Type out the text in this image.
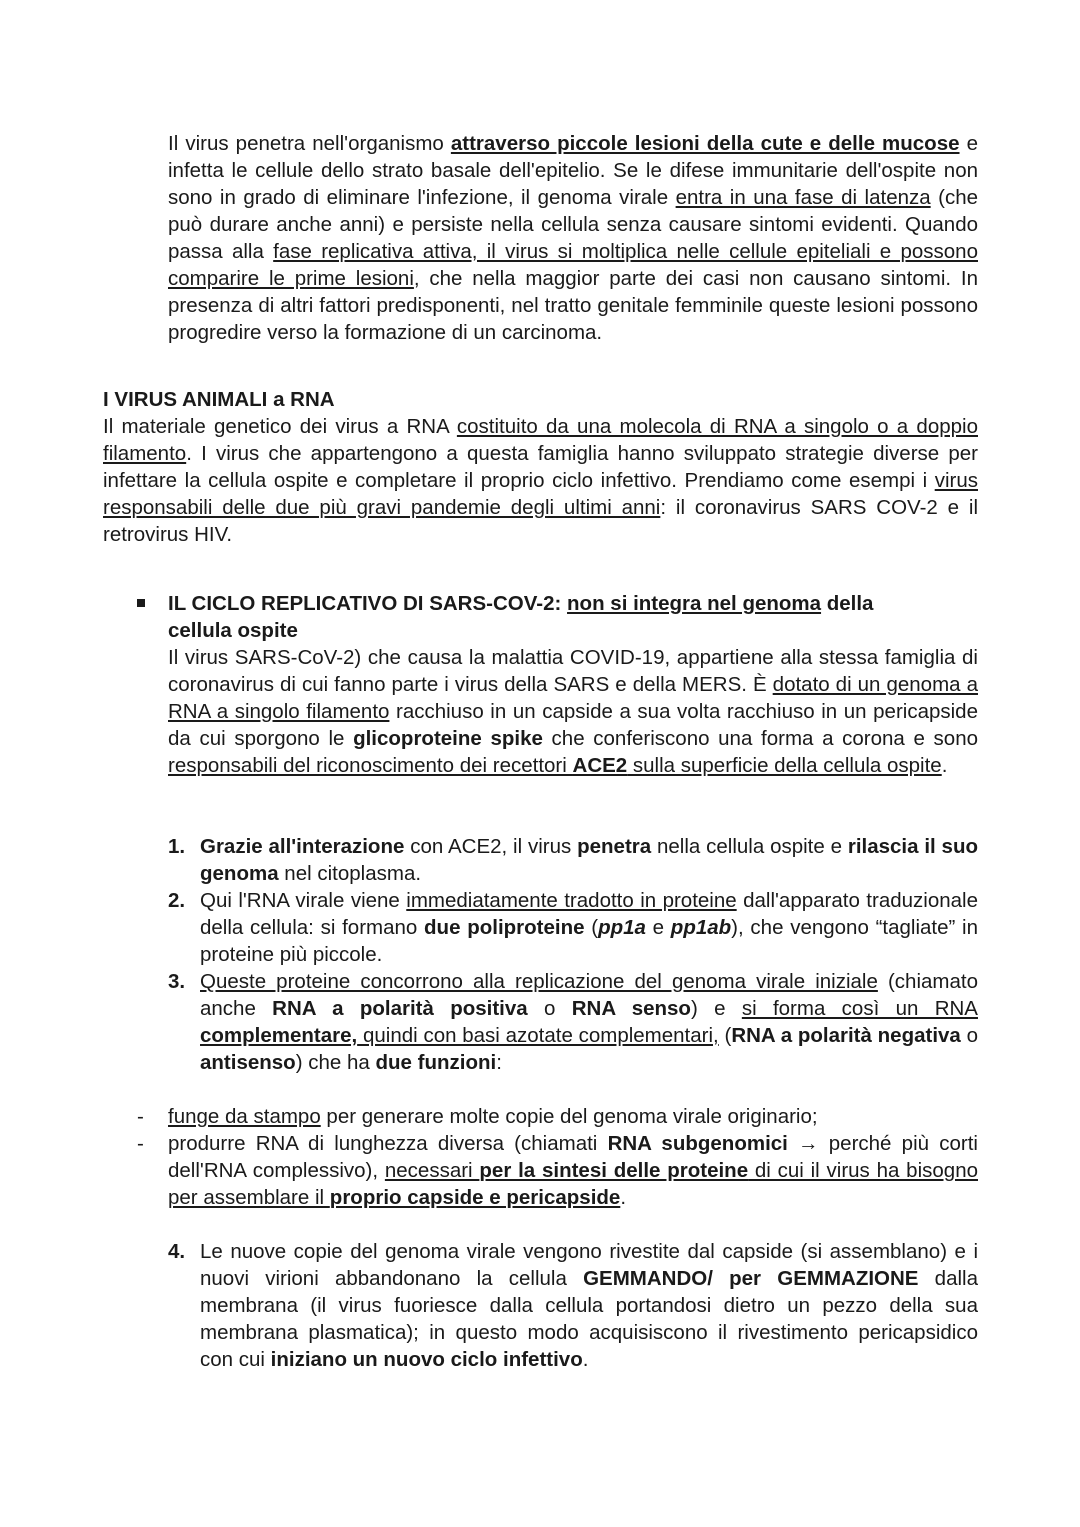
Il virus penetra nell'organismo attraverso piccole lesioni della cute e delle mucose e infetta le cellule dello strato basale dell'epitelio. Se le difese immunitarie dell'ospite non sono in grado di eliminare l'infezione, il genoma virale entra in una fase di latenza (che può durare anche anni) e persiste nella cellula senza causare sintomi evidenti. Quando passa alla fase replicativa attiva, il virus si moltiplica nelle cellule epiteliali e possono comparire le prime lesioni, che nella maggior parte dei casi non causano sintomi. In presenza di altri fattori predisponenti, nel tratto genitale femminile queste lesioni possono progredire verso la formazione di un carcinoma.

I VIRUS ANIMALI a RNA

Il materiale genetico dei virus a RNA costituito da una molecola di RNA a singolo o a doppio filamento. I virus che appartengono a questa famiglia hanno sviluppato strategie diverse per infettare la cellula ospite e completare il proprio ciclo infettivo. Prendiamo come esempi i virus responsabili delle due più gravi pandemie degli ultimi anni: il coronavirus SARS COV-2 e il retrovirus HIV.

IL CICLO REPLICATIVO DI SARS-COV-2: non si integra nel genoma della cellula ospite

Il virus SARS-CoV-2) che causa la malattia COVID-19, appartiene alla stessa famiglia di coronavirus di cui fanno parte i virus della SARS e della MERS. È dotato di un genoma a RNA a singolo filamento racchiuso in un capside a sua volta racchiuso in un pericapside da cui sporgono le glicoproteine spike che conferiscono una forma a corona e sono responsabili del riconoscimento dei recettori ACE2 sulla superficie della cellula ospite.

1. Grazie all'interazione con ACE2, il virus penetra nella cellula ospite e rilascia il suo genoma nel citoplasma.
2. Qui l'RNA virale viene immediatamente tradotto in proteine dall'apparato traduzionale della cellula: si formano due poliproteine (pp1a e pp1ab), che vengono “tagliate” in proteine più piccole.
3. Queste proteine concorrono alla replicazione del genoma virale iniziale (chiamato anche RNA a polarità positiva o RNA senso) e si forma così un RNA complementare, quindi con basi azotate complementari, (RNA a polarità negativa o antisenso) che ha due funzioni:
- funge da stampo per generare molte copie del genoma virale originario;
- produrre RNA di lunghezza diversa (chiamati RNA subgenomici → perché più corti dell'RNA complessivo), necessari per la sintesi delle proteine di cui il virus ha bisogno per assemblare il proprio capside e pericapside.
4. Le nuove copie del genoma virale vengono rivestite dal capside (si assemblano) e i nuovi virioni abbandonano la cellula GEMMANDO/ per GEMMAZIONE dalla membrana (il virus fuoriesce dalla cellula portandosi dietro un pezzo della sua membrana plasmatica); in questo modo acquisiscono il rivestimento pericapsidico con cui iniziano un nuovo ciclo infettivo.
